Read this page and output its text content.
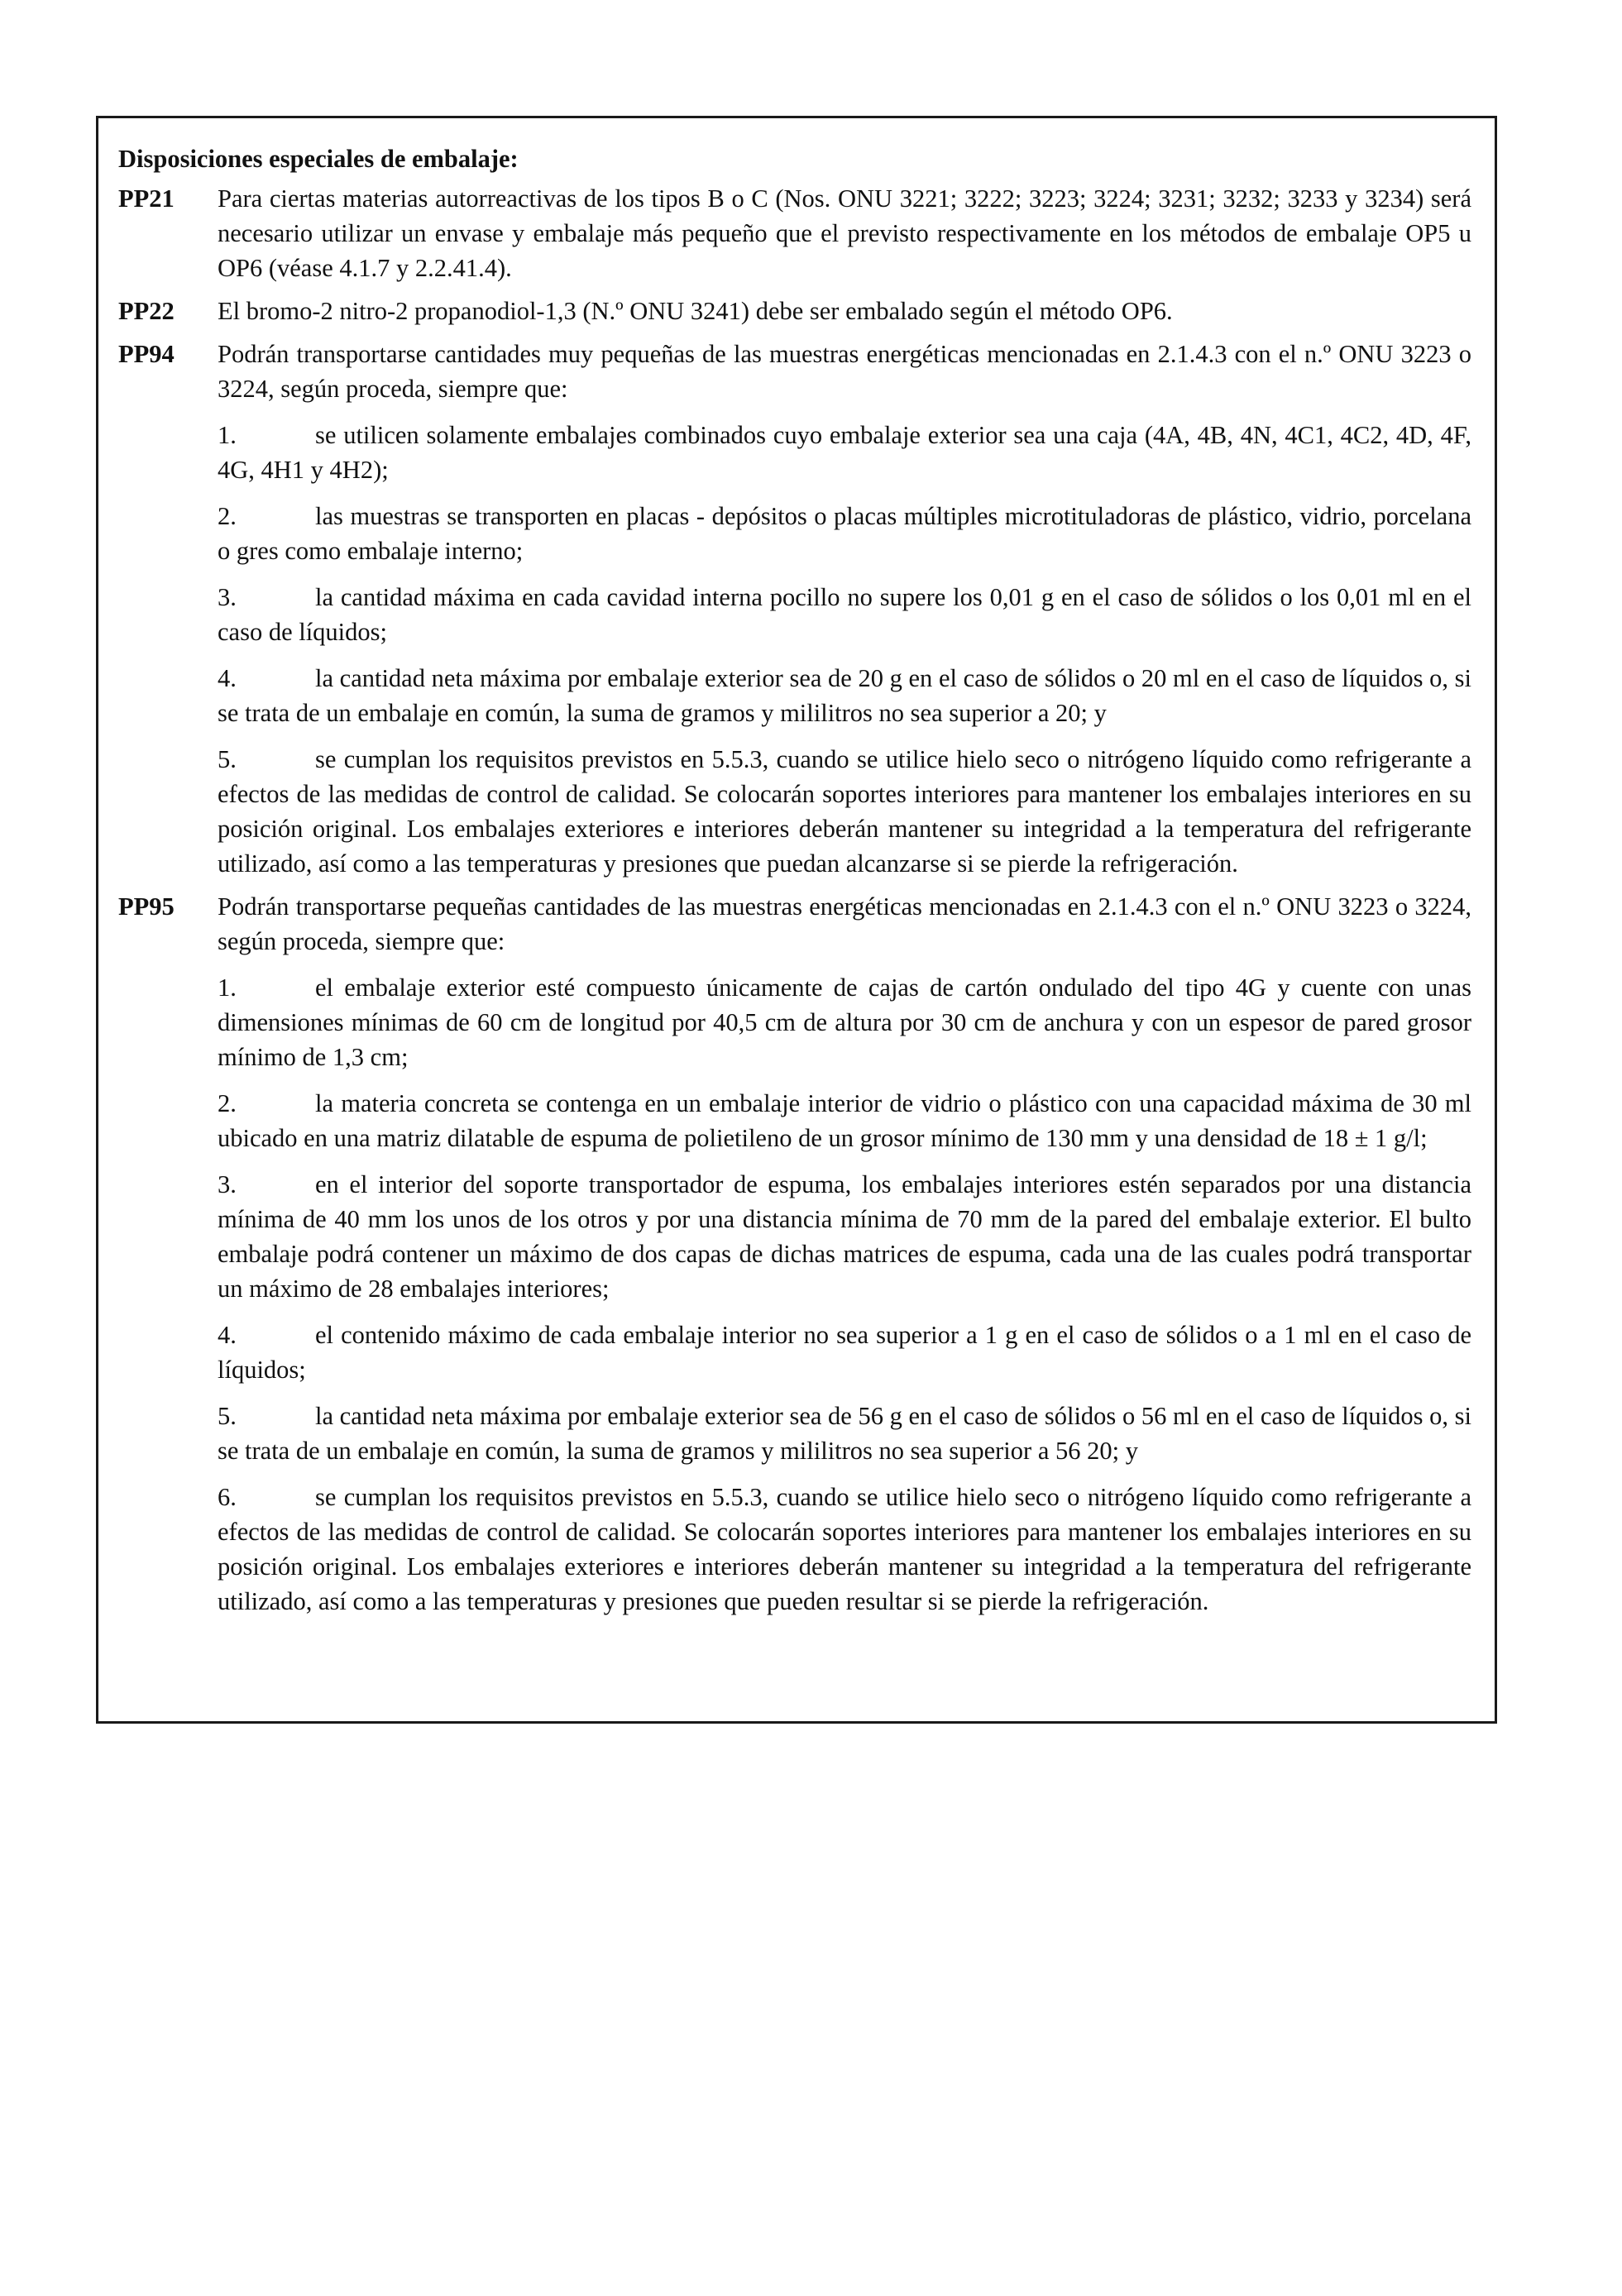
Disposiciones especiales de embalaje:
PP21	Para ciertas materias autorreactivas de los tipos B o C (Nos. ONU 3221; 3222; 3223; 3224; 3231; 3232; 3233 y 3234) será necesario utilizar un envase y embalaje más pequeño que el previsto respectivamente en los métodos de embalaje OP5 u OP6 (véase 4.1.7 y 2.2.41.4).
PP22	El bromo-2 nitro-2 propanodiol-1,3 (N.º ONU 3241) debe ser embalado según el método OP6.
PP94	Podrán transportarse cantidades muy pequeñas de las muestras energéticas mencionadas en 2.1.4.3 con el n.º ONU 3223 o 3224, según proceda, siempre que:
1.	se utilicen solamente embalajes combinados cuyo embalaje exterior sea una caja (4A, 4B, 4N, 4C1, 4C2, 4D, 4F, 4G, 4H1 y 4H2);
2.	las muestras se transporten en placas - depósitos o placas múltiples microtituladoras de plástico, vidrio, porcelana o gres como embalaje interno;
3.	la cantidad máxima en cada cavidad interna pocillo no supere los 0,01 g en el caso de sólidos o los 0,01 ml en el caso de líquidos;
4.	la cantidad neta máxima por embalaje exterior sea de 20 g en el caso de sólidos o 20 ml en el caso de líquidos o, si se trata de un embalaje en común, la suma de gramos y mililitros no sea superior a 20; y
5.	se cumplan los requisitos previstos en 5.5.3, cuando se utilice hielo seco o nitrógeno líquido como refrigerante a efectos de las medidas de control de calidad. Se colocarán soportes interiores para mantener los embalajes interiores en su posición original. Los embalajes exteriores e interiores deberán mantener su integridad a la temperatura del refrigerante utilizado, así como a las temperaturas y presiones que puedan alcanzarse si se pierde la refrigeración.
PP95	Podrán transportarse pequeñas cantidades de las muestras energéticas mencionadas en 2.1.4.3 con el n.º ONU 3223 o 3224, según proceda, siempre que:
1.	el embalaje exterior esté compuesto únicamente de cajas de cartón ondulado del tipo 4G y cuente con unas dimensiones mínimas de 60 cm de longitud por 40,5 cm de altura por 30 cm de anchura y con un espesor de pared grosor mínimo de 1,3 cm;
2.	la materia concreta se contenga en un embalaje interior de vidrio o plástico con una capacidad máxima de 30 ml ubicado en una matriz dilatable de espuma de polietileno de un grosor mínimo de 130 mm y una densidad de 18 ± 1 g/l;
3.	en el interior del soporte transportador de espuma, los embalajes interiores estén separados por una distancia mínima de 40 mm los unos de los otros y por una distancia mínima de 70 mm de la pared del embalaje exterior. El bulto embalaje podrá contener un máximo de dos capas de dichas matrices de espuma, cada una de las cuales podrá transportar un máximo de 28 embalajes interiores;
4.	el contenido máximo de cada embalaje interior no sea superior a 1 g en el caso de sólidos o a 1 ml en el caso de líquidos;
5.	la cantidad neta máxima por embalaje exterior sea de 56 g en el caso de sólidos o 56 ml en el caso de líquidos o, si se trata de un embalaje en común, la suma de gramos y mililitros no sea superior a 56 20; y
6.	se cumplan los requisitos previstos en 5.5.3, cuando se utilice hielo seco o nitrógeno líquido como refrigerante a efectos de las medidas de control de calidad. Se colocarán soportes interiores para mantener los embalajes interiores en su posición original. Los embalajes exteriores e interiores deberán mantener su integridad a la temperatura del refrigerante utilizado, así como a las temperaturas y presiones que pueden resultar si se pierde la refrigeración.
